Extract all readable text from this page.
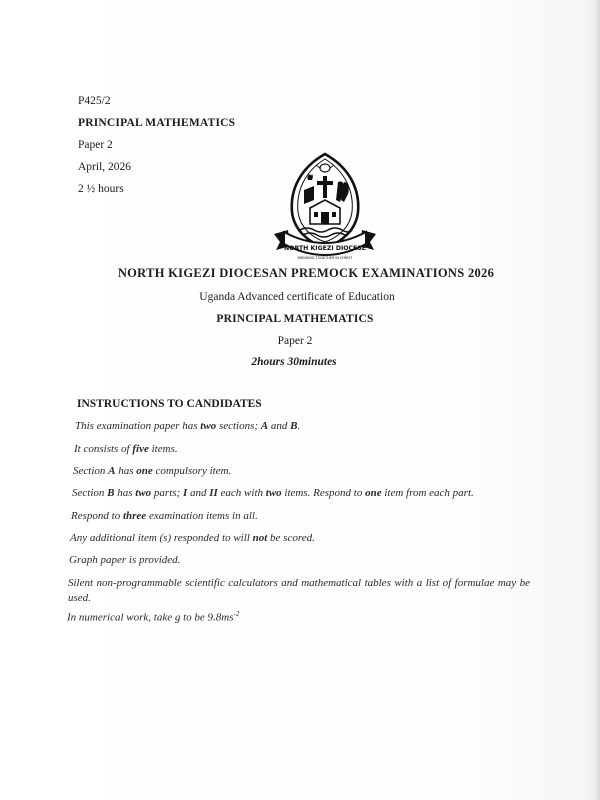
P425/2
PRINCIPAL MATHEMATICS
Paper 2
April, 2026
2 ½ hours
NORTH KIGEZI DIOCESE
BRINGING TOGETHER IN CHRIST
NORTH KIGEZI DIOCESAN PREMOCK EXAMINATIONS 2026
Uganda Advanced certificate of Education
PRINCIPAL MATHEMATICS
Paper 2
2hours 30minutes
INSTRUCTIONS TO CANDIDATES
This examination paper has two sections; A and B.
It consists of five items.
Section A has one compulsory item.
Section B has two parts; I and II each with two items. Respond to one item from each part.
Respond to three examination items in all.
Any additional item (s) responded to will not be scored.
Graph paper is provided.
Silent non-programmable scientific calculators and mathematical tables with a list of formulae may be used.
In numerical work, take g to be $9.8ms^{-2}$
